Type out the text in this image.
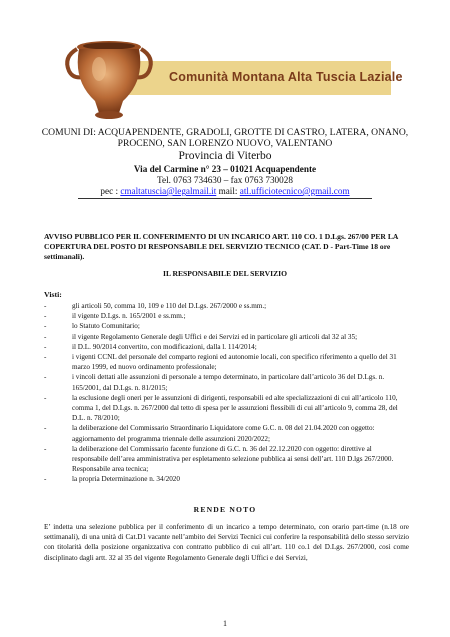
Comunità Montana Alta Tuscia Laziale
COMUNI DI: ACQUAPENDENTE, GRADOLI, GROTTE DI CASTRO, LATERA, ONANO,
PROCENO, SAN LORENZO NUOVO, VALENTANO
Provincia di Viterbo
Via del Carmine n° 23 – 01021 Acquapendente
Tel. 0763 734630 – fax 0763 730028
pec : cmaltatuscia@legalmail.it mail: atl.ufficiotecnico@gmail.com
AVVISO PUBBLICO PER IL CONFERIMENTO DI UN INCARICO ART. 110 CO. 1 D.Lgs. 267/00 PER LA COPERTURA DEL POSTO DI RESPONSABILE DEL SERVIZIO TECNICO (CAT. D - Part-Time 18 ore settimanali).
IL RESPONSABILE DEL SERVIZIO
Visti:
-	gli articoli 50, comma 10, 109 e 110 del D.Lgs. 267/2000 e ss.mm.;
-	il vigente D.Lgs. n. 165/2001 e ss.mm.;
-	lo Statuto Comunitario;
-	il vigente Regolamento Generale degli Uffici e dei Servizi ed in particolare gli articoli dal 32 al 35;
-	il D.L. 90/2014 convertito, con modificazioni, dalla l. 114/2014;
-	i vigenti CCNL del personale del comparto regioni ed autonomie locali, con specifico riferimento a quello del 31 marzo 1999, ed nuovo ordinamento professionale;
-	i vincoli dettati alle assunzioni di personale a tempo determinato, in particolare dall’articolo 36 del D.Lgs. n. 165/2001, dal D.Lgs. n. 81/2015;
-	la esclusione degli oneri per le assunzioni di dirigenti, responsabili ed alte specializzazioni di cui all’articolo 110, comma 1, del D.Lgs. n. 267/2000 dal tetto di spesa per le assunzioni flessibili di cui all’articolo 9, comma 28, del D.L. n. 78/2010;
-	la deliberazione del Commissario Straordinario Liquidatore come G.C. n. 08 del 21.04.2020 con oggetto: aggiornamento del programma triennale delle assunzioni 2020/2022;
-	la deliberazione del Commissario facente funzione di G.C. n. 36 del 22.12.2020 con oggetto: direttive al responsabile dell’area amministrativa per espletamento selezione pubblica ai sensi dell’art. 110 D.lgs 267/2000. Responsabile area tecnica;
-	la propria Determinazione n. 34/2020
RENDE NOTO
E’ indetta una selezione pubblica per il conferimento di un incarico a tempo determinato, con orario part-time (n.18 ore settimanali), di una unità di Cat.D1 vacante nell’ambito dei Servizi Tecnici cui conferire la responsabilità dello stesso servizio con titolarità della posizione organizzativa con contratto pubblico di cui all’art. 110 co.1 del D.Lgs. 267/2000, così come disciplinato dagli artt. 32 al 35 del vigente Regolamento Generale degli Uffici e dei Servizi,
1
